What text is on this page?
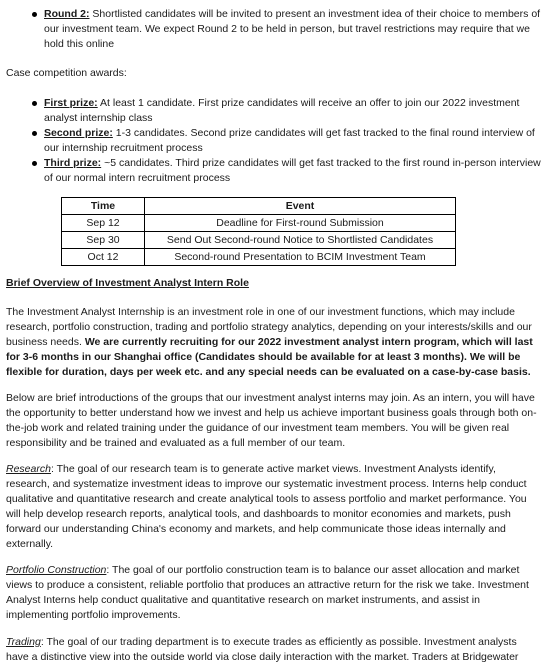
Round 2: Shortlisted candidates will be invited to present an investment idea of their choice to members of our investment team. We expect Round 2 to be held in person, but travel restrictions may require that we hold this online

Case competition awards:

First prize: At least 1 candidate. First prize candidates will receive an offer to join our 2022 investment analyst internship class
Second prize: 1-3 candidates. Second prize candidates will get fast tracked to the final round interview of our internship recruitment process
Third prize: ~5 candidates. Third prize candidates will get fast tracked to the first round in-person interview of our normal intern recruitment process
Time	Event
Sep 12	Deadline for First-round Submission
Sep 30	Send Out Second-round Notice to Shortlisted Candidates
Oct 12	Second-round Presentation to BCIM Investment Team

Brief Overview of Investment Analyst Intern Role

The Investment Analyst Internship is an investment role in one of our investment functions, which may include research, portfolio construction, trading and portfolio strategy analytics, depending on your interests/skills and our business needs. We are currently recruiting for our 2022 investment analyst intern program, which will last for 3-6 months in our Shanghai office (Candidates should be available for at least 3 months). We will be flexible for duration, days per week etc. and any special needs can be evaluated on a case-by-case basis.

Below are brief introductions of the groups that our investment analyst interns may join. As an intern, you will have the opportunity to better understand how we invest and help us achieve important business goals through both on-the-job work and related training under the guidance of our investment team members. You will be given real responsibility and be trained and evaluated as a full member of our team.

Research: The goal of our research team is to generate active market views. Investment Analysts identify, research, and systematize investment ideas to improve our systematic investment process. Interns help conduct qualitative and quantitative research and create analytical tools to assess portfolio and market performance. You will help develop research reports, analytical tools, and dashboards to monitor economies and markets, push forward our understanding China's economy and markets, and help communicate those ideas internally and externally.

Portfolio Construction: The goal of our portfolio construction team is to balance our asset allocation and market views to produce a consistent, reliable portfolio that produces an attractive return for the risk we take. Investment Analyst Interns help conduct qualitative and quantitative research on market instruments, and assist in implementing portfolio improvements.

Trading: The goal of our trading department is to execute trades as efficiently as possible. Investment analysts have a distinctive view into the outside world via close daily interaction with the market. Traders at Bridgewater
